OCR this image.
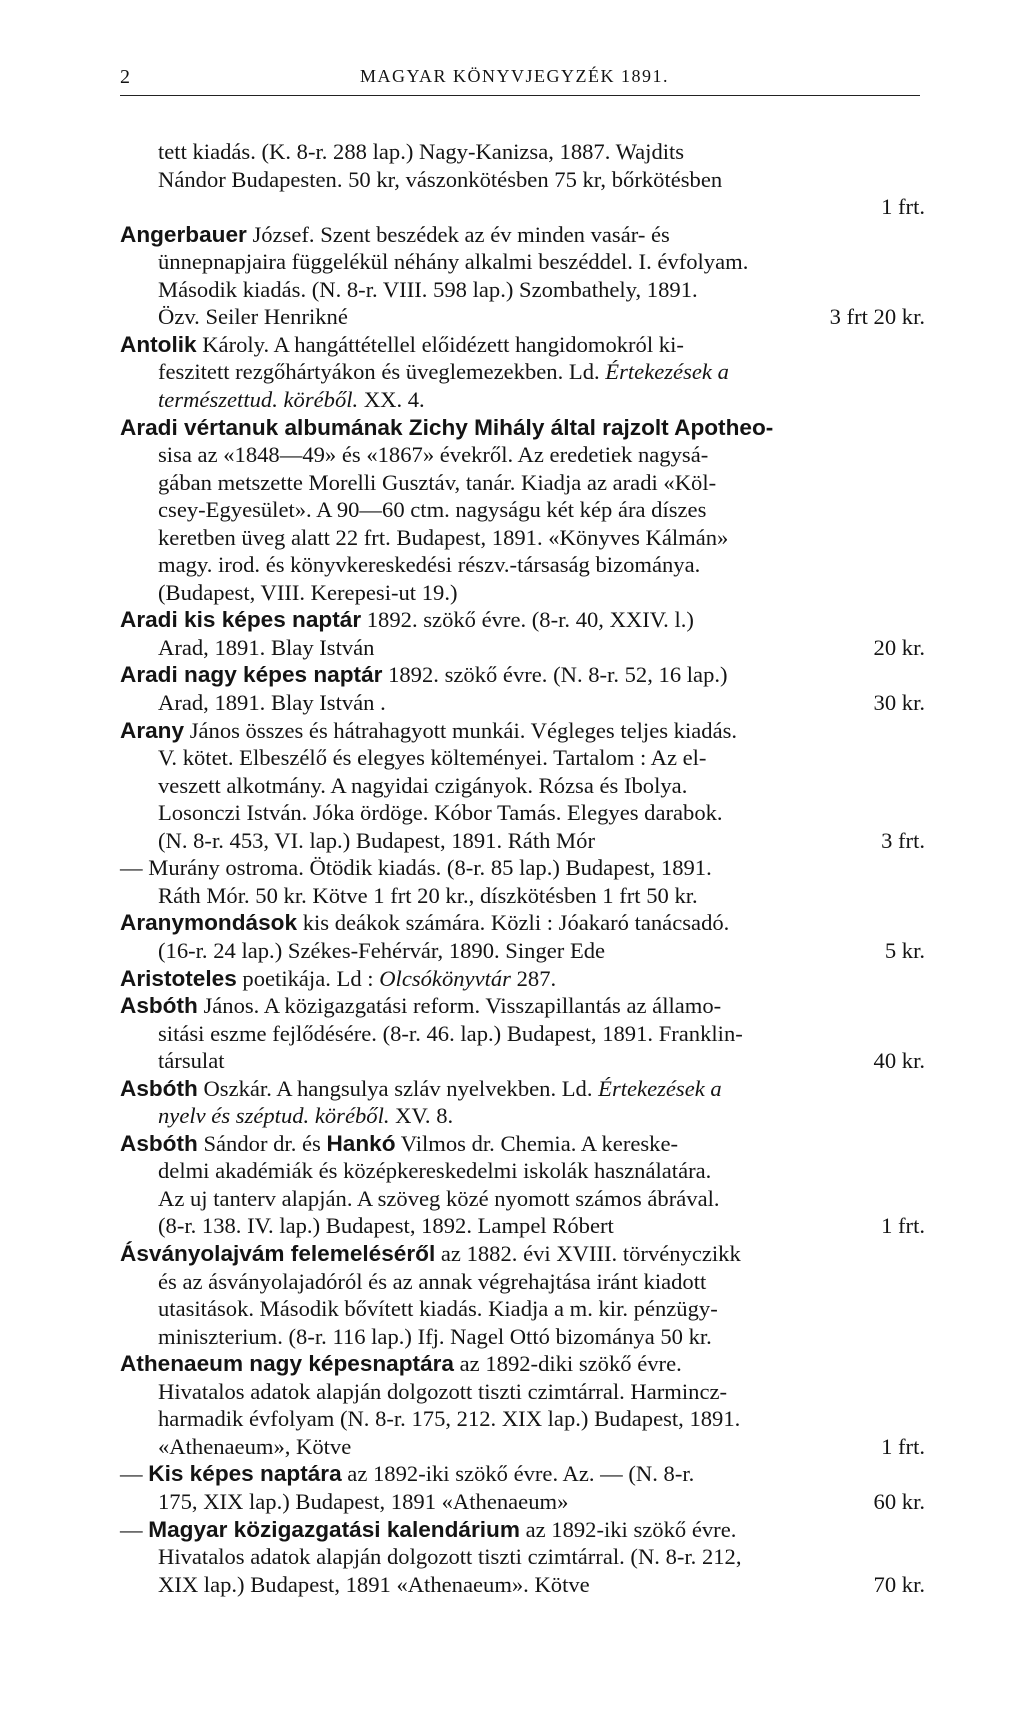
2	MAGYAR KÖNYVJEGYZÉK 1891.
tett kiadás. (K. 8-r. 288 lap.) Nagy-Kanizsa, 1887. Wajdits
Nándor Budapesten. 50 kr, vászonkötésben 75 kr, bőrkötésben
1 frt.
Angerbauer József. Szent beszédek az év minden vasár- és
ünnepnapjaira függelékül néhány alkalmi beszéddel. I. évfolyam.
Második kiadás. (N. 8-r. VIII. 598 lap.) Szombathely, 1891.
Özv. Seiler Henrikné	3 frt 20 kr.
Antolik Károly. A hangáttétellel előidézett hangidomokról ki-
feszitett rezgőhártyákon és üveglemezekben. Ld. Értekezések a
természettud. köréből. XX. 4.
Aradi vértanuk albumának Zichy Mihály által rajzolt Apotheo-
sisa az «1848—49» és «1867» évekről. Az eredetiek nagysá-
gában metszette Morelli Gusztáv, tanár. Kiadja az aradi «Köl-
csey-Egyesület». A 90—60 ctm. nagyságu két kép ára díszes
keretben üveg alatt 22 frt. Budapest, 1891. «Könyves Kálmán»
magy. irod. és könyvkereskedési részv.-társaság bizománya.
(Budapest, VIII. Kerepesi-ut 19.)
Aradi kis képes naptár 1892. szökő évre. (8-r. 40, XXIV. l.)
Arad, 1891. Blay István	20 kr.
Aradi nagy képes naptár 1892. szökő évre. (N. 8-r. 52, 16 lap.)
Arad, 1891. Blay István .	30 kr.
Arany János összes és hátrahagyott munkái. Végleges teljes kiadás.
V. kötet. Elbeszélő és elegyes költeményei. Tartalom : Az el-
veszett alkotmány. A nagyidai czigányok. Rózsa és Ibolya.
Losonczi István. Jóka ördöge. Kóbor Tamás. Elegyes darabok.
(N. 8-r. 453, VI. lap.) Budapest, 1891. Ráth Mór	3 frt.
— Murány ostroma. Ötödik kiadás. (8-r. 85 lap.) Budapest, 1891.
Ráth Mór. 50 kr. Kötve 1 frt 20 kr., díszkötésben 1 frt 50 kr.
Aranymondások kis deákok számára. Közli : Jóakaró tanácsadó.
(16-r. 24 lap.) Székes-Fehérvár, 1890. Singer Ede	5 kr.
Aristoteles poetikája. Ld : Olcsókönyvtár 287.
Asbóth János. A közigazgatási reform. Visszapillantás az államo-
sitási eszme fejlődésére. (8-r. 46. lap.) Budapest, 1891. Franklin-
társulat	40 kr.
Asbóth Oszkár. A hangsulya szláv nyelvekben. Ld. Értekezések a
nyelv és széptud. köréből. XV. 8.
Asbóth Sándor dr. és Hankó Vilmos dr. Chemia. A kereske-
delmi akadémiák és középkereskedelmi iskolák használatára.
Az uj tanterv alapján. A szöveg közé nyomott számos ábrával.
(8-r. 138. IV. lap.) Budapest, 1892. Lampel Róbert	1 frt.
Ásványolajvám felemeléséről az 1882. évi XVIII. törvényczikk
és az ásványolajadóról és az annak végrehajtása iránt kiadott
utasitások. Második bővített kiadás. Kiadja a m. kir. pénzügy-
miniszterium. (8-r. 116 lap.) Ifj. Nagel Ottó bizománya 50 kr.
Athenaeum nagy képesnaptára az 1892-diki szökő évre.
Hivatalos adatok alapján dolgozott tiszti czimtárral. Harmincz-
harmadik évfolyam (N. 8-r. 175, 212. XIX lap.) Budapest, 1891.
«Athenaeum», Kötve	1 frt.
— Kis képes naptára az 1892-iki szökő évre. Az. — (N. 8-r.
175, XIX lap.) Budapest, 1891 «Athenaeum»	60 kr.
— Magyar közigazgatási kalendárium az 1892-iki szökő évre.
Hivatalos adatok alapján dolgozott tiszti czimtárral. (N. 8-r. 212,
XIX lap.) Budapest, 1891 «Athenaeum». Kötve	70 kr.
